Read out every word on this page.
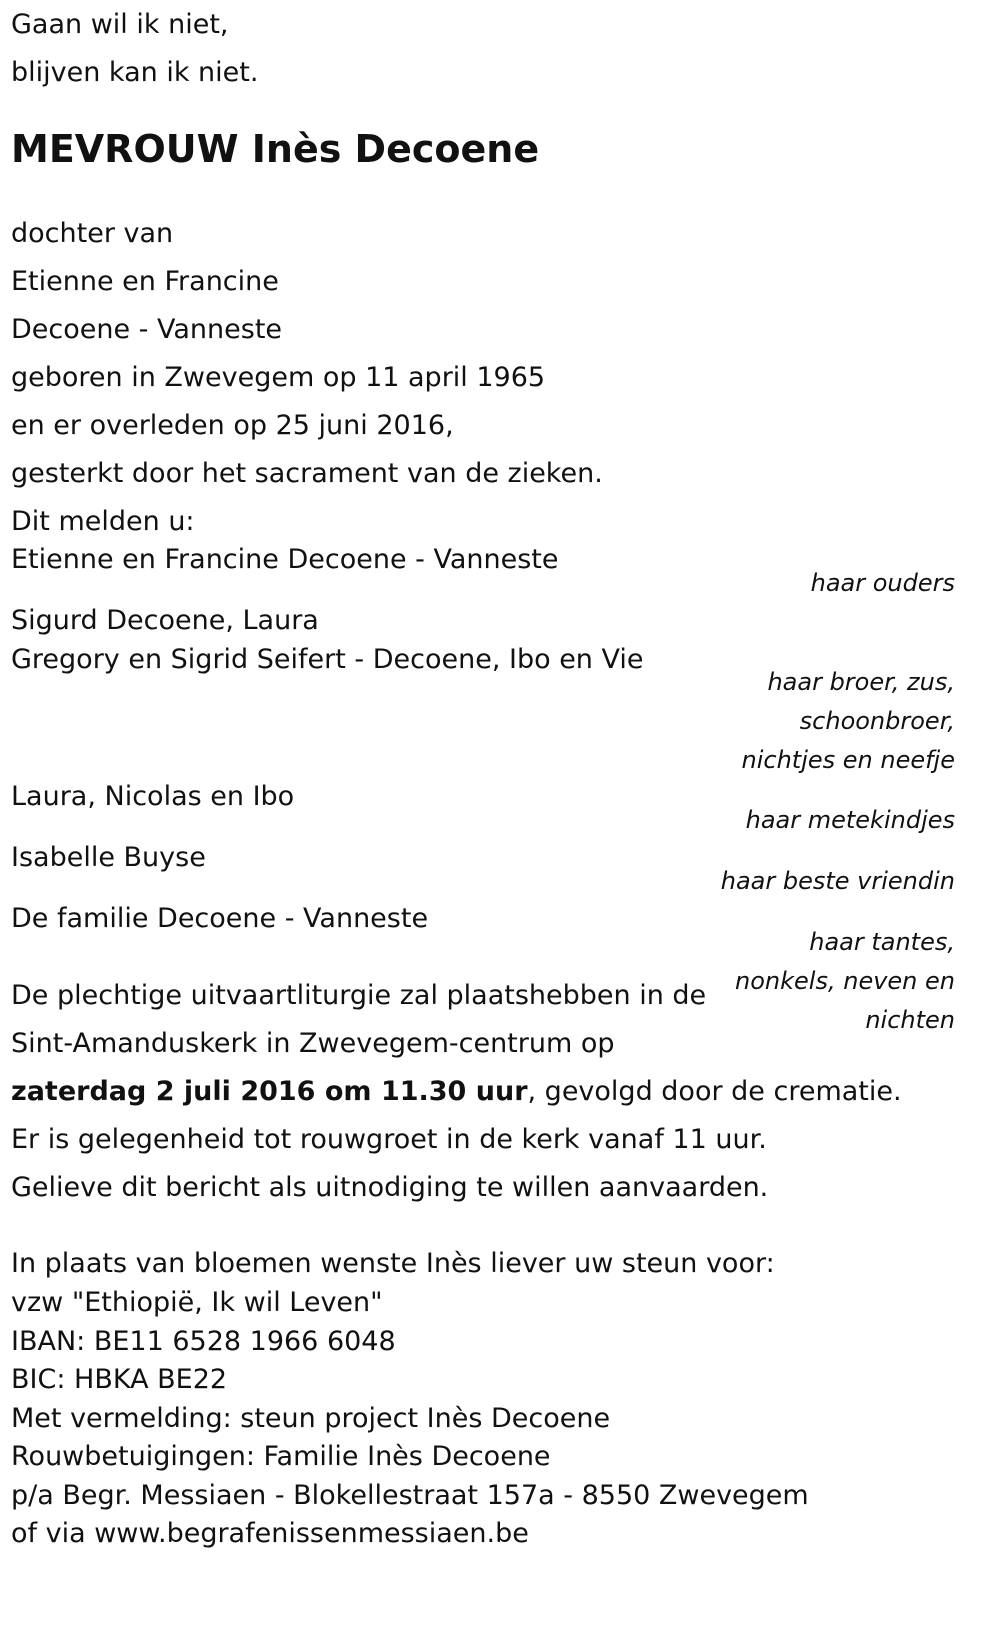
Gaan wil ik niet,

blijven kan ik niet.

MEVROUW Inès Decoene

dochter van

Etienne en Francine

Decoene - Vanneste

geboren in Zwevegem op 11 april 1965

en er overleden op 25 juni 2016,

gesterkt door het sacrament van de zieken.

Dit melden u:

Etienne en Francine Decoene - Vanneste

haar ouders

Sigurd Decoene, Laura

Gregory en Sigrid Seifert - Decoene, Ibo en Vie

haar broer, zus,
schoonbroer,
nichtjes en neefje

Laura, Nicolas en Ibo

haar metekindjes

Isabelle Buyse

haar beste vriendin

De familie Decoene - Vanneste

haar tantes,
nonkels, neven en
nichten

De plechtige uitvaartliturgie zal plaatshebben in de

Sint-Amanduskerk in Zwevegem-centrum op

zaterdag 2 juli 2016 om 11.30 uur, gevolgd door de crematie.

Er is gelegenheid tot rouwgroet in de kerk vanaf 11 uur.

Gelieve dit bericht als uitnodiging te willen aanvaarden.

In plaats van bloemen wenste Inès liever uw steun voor:

vzw "Ethiopië, Ik wil Leven"

IBAN: BE11 6528 1966 6048

BIC: HBKA BE22

Met vermelding: steun project Inès Decoene

Rouwbetuigingen: Familie Inès Decoene

p/a Begr. Messiaen - Blokellestraat 157a - 8550 Zwevegem

of via www.begrafenissenmessiaen.be
